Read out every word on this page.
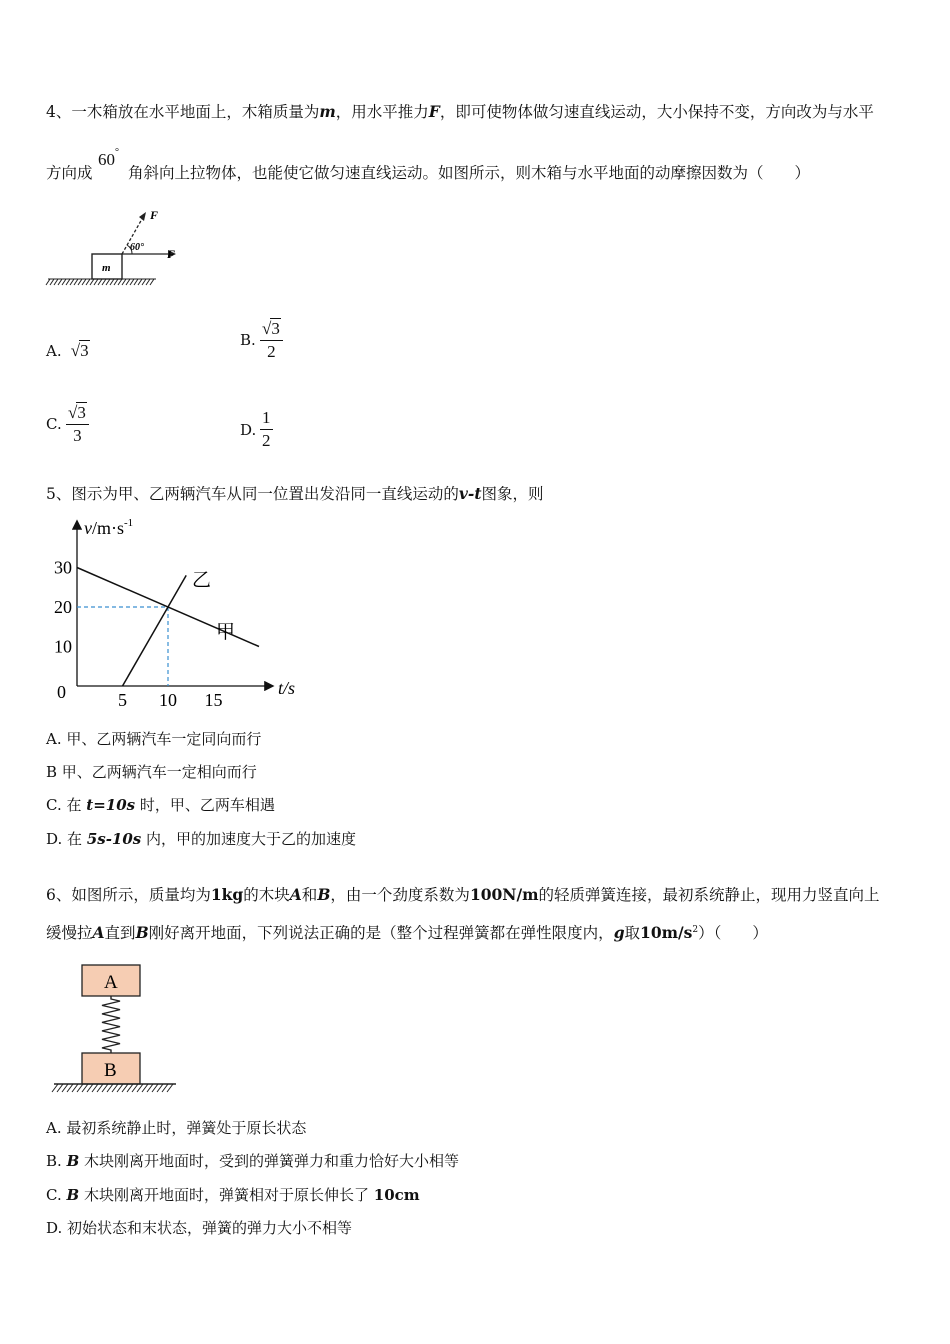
4、一木箱放在水平地面上，木箱质量为m，用水平推力F，即可使物体做匀速直线运动，大小保持不变，方向改为与水平
方向成
60°
角斜向上拉物体，也能使它做匀速直线运动。如图所示，则木箱与水平地面的动摩擦因数为（　　）
m
F
F
60°
A. √ 3
B. $\frac{√ 3}{2}$
C. $\frac{√ 3}{3}$	D. $\frac{1}{2}$
5、图示为甲、乙两辆汽车从同一位置出发沿同一直线运动的v-t图象，则
$v/m\cdot s^{-1}$
t/s
0	5 10 15
30
20
10
乙
甲
A. 甲、乙两辆汽车一定同向而行
B 甲、乙两辆汽车一定相向而行
C. 在 t=10s 时，甲、乙两车相遇
D. 在 5s-10s 内，甲的加速度大于乙的加速度
6、如图所示，质量均为1kg的木块A和B，由一个劲度系数为100N/m的轻质弹簧连接，最初系统静止，现用力竖直向上
缓慢拉A直到B刚好离开地面，下列说法正确的是（整个过程弹簧都在弹性限度内，g取$10m/s^2$）（　　）
A
B
A. 最初系统静止时，弹簧处于原长状态
B. B 木块刚离开地面时，受到的弹簧弹力和重力恰好大小相等
C. B 木块刚离开地面时，弹簧相对于原长伸长了 10cm
D. 初始状态和末状态，弹簧的弹力大小不相等
